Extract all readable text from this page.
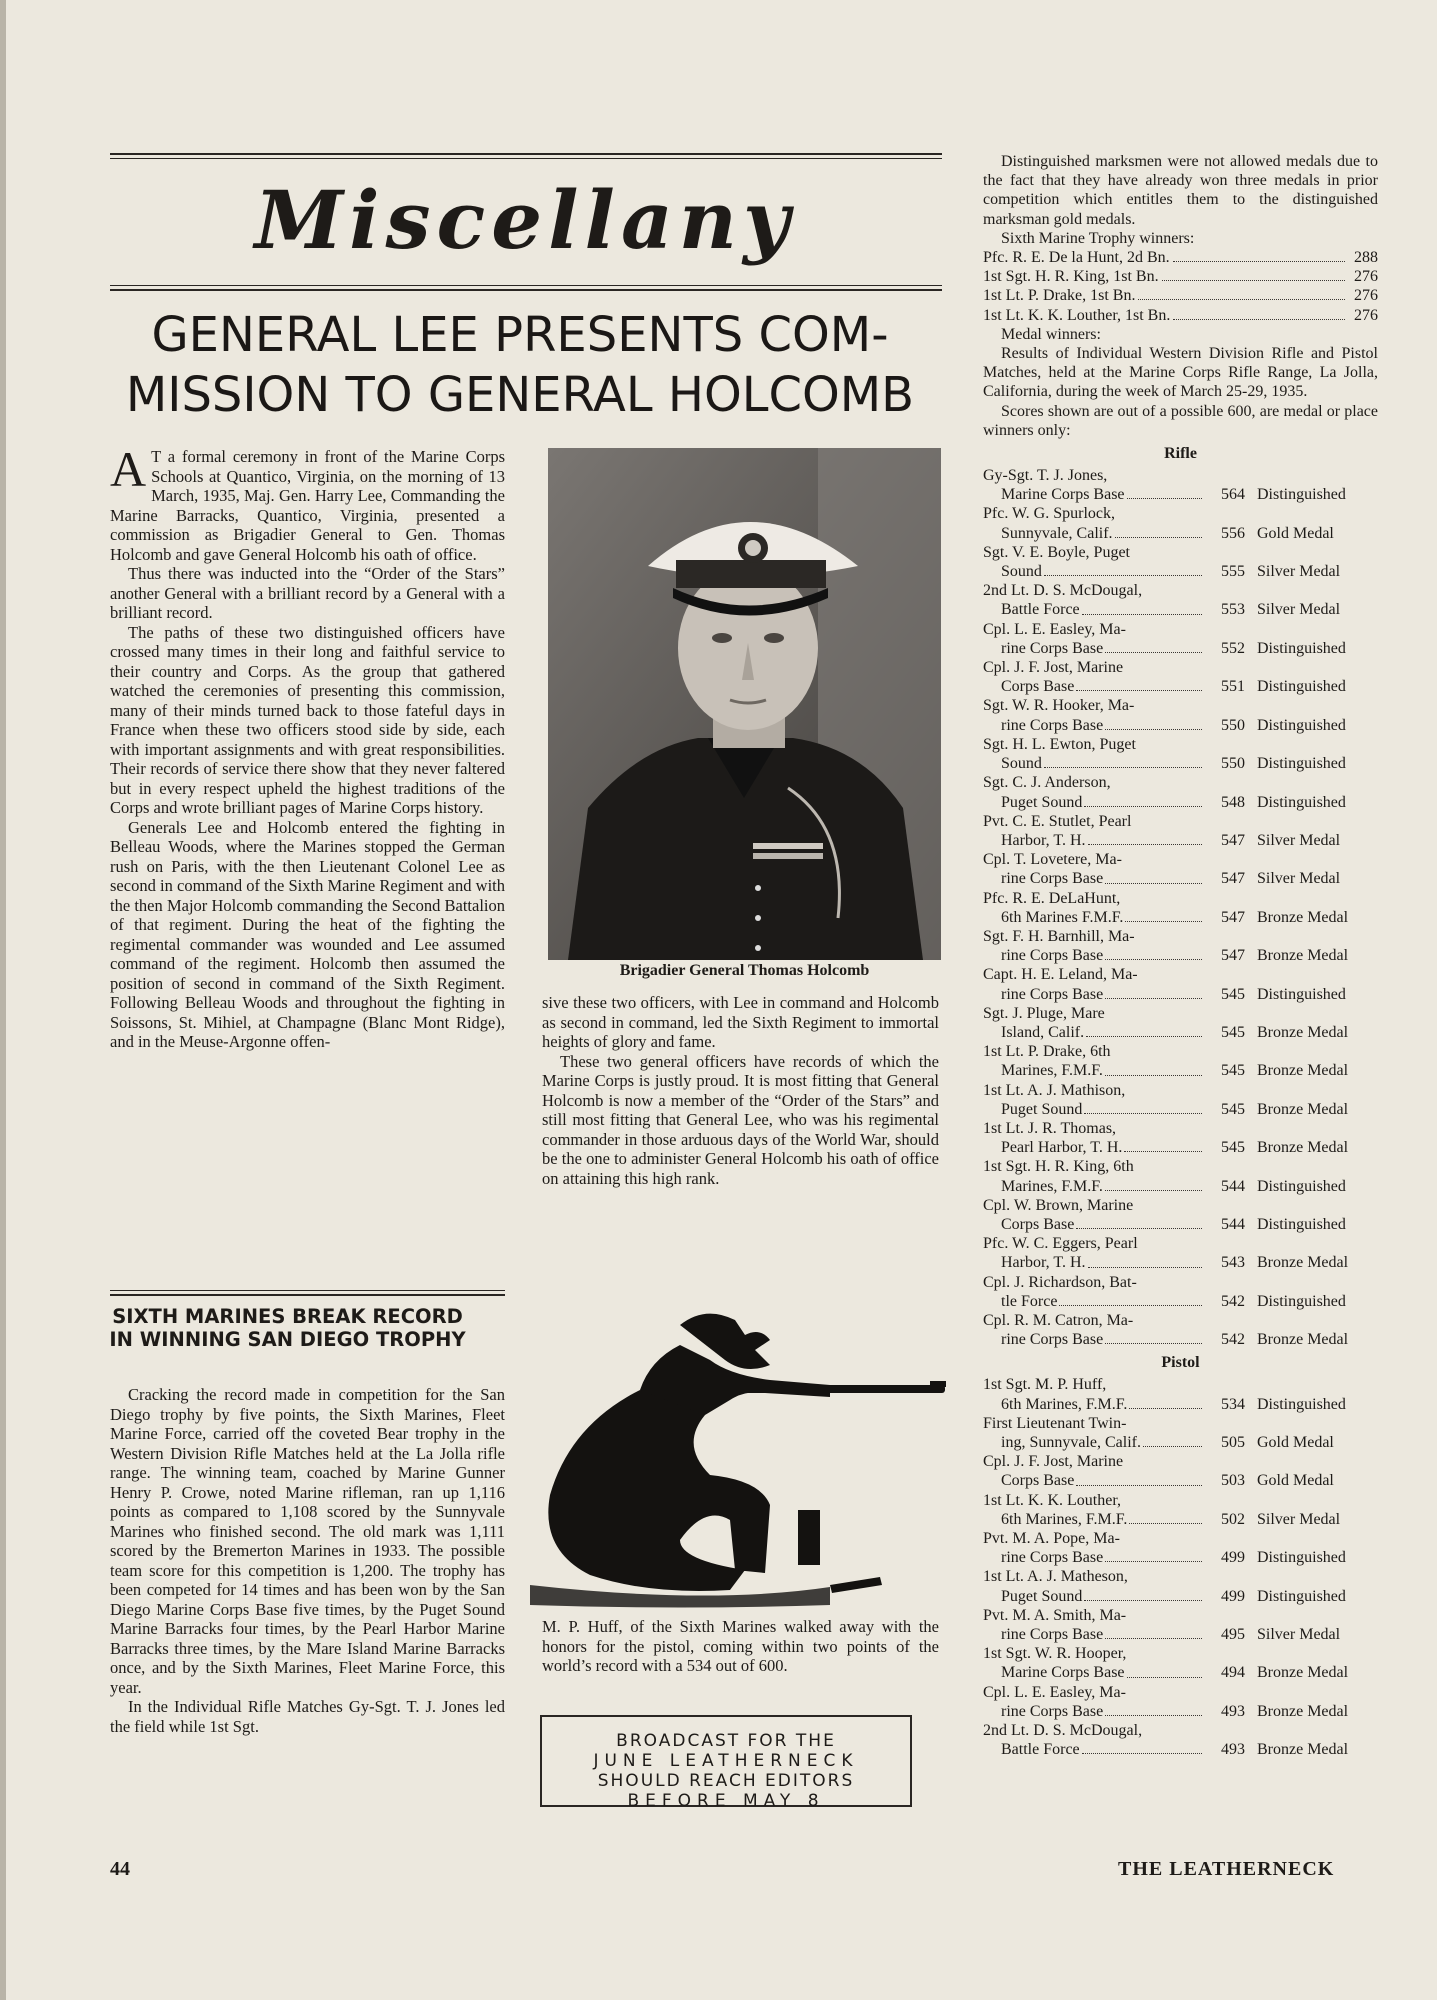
Miscellany
GENERAL LEE PRESENTS COM-
MISSION TO GENERAL HOLCOMB

A T a formal ceremony in front of the Marine Corps Schools at Quantico, Virginia, on the morning of 13 March, 1935, Maj. Gen. Harry Lee, Commanding the Marine Barracks, Quantico, Virginia, presented a commission as Brigadier General to Gen. Thomas Holcomb and gave General Holcomb his oath of office.

Thus there was inducted into the “Order of the Stars” another General with a brilliant record by a General with a brilliant record.

The paths of these two distinguished officers have crossed many times in their long and faithful service to their country and Corps. As the group that gathered watched the ceremonies of presenting this commission, many of their minds turned back to those fateful days in France when these two officers stood side by side, each with important assignments and with great responsibilities. Their records of service there show that they never faltered but in every respect upheld the highest traditions of the Corps and wrote brilliant pages of Marine Corps history.

Generals Lee and Holcomb entered the fighting in Belleau Woods, where the Marines stopped the German rush on Paris, with the then Lieutenant Colonel Lee as second in command of the Sixth Marine Regiment and with the then Major Holcomb commanding the Second Battalion of that regiment. During the heat of the fighting the regimental commander was wounded and Lee assumed command of the regiment. Holcomb then assumed the position of second in command of the Sixth Regiment. Following Belleau Woods and throughout the fighting in Soissons, St. Mihiel, at Champagne (Blanc Mont Ridge), and in the Meuse-Argonne offen-

Brigadier General Thomas Holcomb

sive these two officers, with Lee in command and Holcomb as second in command, led the Sixth Regiment to immortal heights of glory and fame.

These two general officers have records of which the Marine Corps is justly proud. It is most fitting that General Holcomb is now a member of the “Order of the Stars” and still most fitting that General Lee, who was his regimental commander in those arduous days of the World War, should be the one to administer General Holcomb his oath of office on attaining this high rank.

SIXTH MARINES BREAK RECORD IN WINNING SAN DIEGO TROPHY

Cracking the record made in competition for the San Diego trophy by five points, the Sixth Marines, Fleet Marine Force, carried off the coveted Bear trophy in the Western Division Rifle Matches held at the La Jolla rifle range. The winning team, coached by Marine Gunner Henry P. Crowe, noted Marine rifleman, ran up 1,116 points as compared to 1,108 scored by the Sunnyvale Marines who finished second. The old mark was 1,111 scored by the Bremerton Marines in 1933. The possible team score for this competition is 1,200. The trophy has been competed for 14 times and has been won by the San Diego Marine Corps Base five times, by the Puget Sound Marine Barracks four times, by the Pearl Harbor Marine Barracks three times, by the Mare Island Marine Barracks once, and by the Sixth Marines, Fleet Marine Force, this year.

In the Individual Rifle Matches Gy-Sgt. T. J. Jones led the field while 1st Sgt.

M. P. Huff, of the Sixth Marines walked away with the honors for the pistol, coming within two points of the world’s record with a 534 out of 600.

BROADCAST FOR THE
JUNE LEATHERNECK
SHOULD REACH EDITORS
BEFORE MAY 8

Distinguished marksmen were not allowed medals due to the fact that they have already won three medals in prior competition which entitles them to the distinguished marksman gold medals.

Sixth Marine Trophy winners:

Pfc. R. E. De la Hunt, 2d Bn.	288
1st Sgt. H. R. King, 1st Bn.	276
1st Lt. P. Drake, 1st Bn.	276
1st Lt. K. K. Louther, 1st Bn.	276

Medal winners:

Results of Individual Western Division Rifle and Pistol Matches, held at the Marine Corps Rifle Range, La Jolla, California, during the week of March 25-29, 1935.

Scores shown are out of a possible 600, are medal or place winners only:

Rifle
Gy-Sgt. T. J. Jones,
Marine Corps Base	564 Distinguished
Pfc. W. G. Spurlock,
Sunnyvale, Calif.	556 Gold Medal
Sgt. V. E. Boyle, Puget
Sound	555 Silver Medal
2nd Lt. D. S. McDougal,
Battle Force	553 Silver Medal
Cpl. L. E. Easley, Ma-
rine Corps Base	552 Distinguished
Cpl. J. F. Jost, Marine
Corps Base	551 Distinguished
Sgt. W. R. Hooker, Ma-
rine Corps Base	550 Distinguished
Sgt. H. L. Ewton, Puget
Sound	550 Distinguished
Sgt. C. J. Anderson,
Puget Sound	548 Distinguished
Pvt. C. E. Stutlet, Pearl
Harbor, T. H.	547 Silver Medal
Cpl. T. Lovetere, Ma-
rine Corps Base	547 Silver Medal
Pfc. R. E. DeLaHunt,
6th Marines F.M.F.	547 Bronze Medal
Sgt. F. H. Barnhill, Ma-
rine Corps Base	547 Bronze Medal
Capt. H. E. Leland, Ma-
rine Corps Base	545 Distinguished
Sgt. J. Pluge, Mare
Island, Calif.	545 Bronze Medal
1st Lt. P. Drake, 6th
Marines, F.M.F.	545 Bronze Medal
1st Lt. A. J. Mathison,
Puget Sound	545 Bronze Medal
1st Lt. J. R. Thomas,
Pearl Harbor, T. H.	545 Bronze Medal
1st Sgt. H. R. King, 6th
Marines, F.M.F.	544 Distinguished
Cpl. W. Brown, Marine
Corps Base	544 Distinguished
Pfc. W. C. Eggers, Pearl
Harbor, T. H.	543 Bronze Medal
Cpl. J. Richardson, Bat-
tle Force	542 Distinguished
Cpl. R. M. Catron, Ma-
rine Corps Base	542 Bronze Medal
Pistol
1st Sgt. M. P. Huff,
6th Marines, F.M.F.	534 Distinguished
First Lieutenant Twin-
ing, Sunnyvale, Calif.	505 Gold Medal
Cpl. J. F. Jost, Marine
Corps Base	503 Gold Medal
1st Lt. K. K. Louther,
6th Marines, F.M.F.	502 Silver Medal
Pvt. M. A. Pope, Ma-
rine Corps Base	499 Distinguished
1st Lt. A. J. Matheson,
Puget Sound	499 Distinguished
Pvt. M. A. Smith, Ma-
rine Corps Base	495 Silver Medal
1st Sgt. W. R. Hooper,
Marine Corps Base	494 Bronze Medal
Cpl. L. E. Easley, Ma-
rine Corps Base	493 Bronze Medal
2nd Lt. D. S. McDougal,
Battle Force	493 Bronze Medal
44	THE LEATHERNECK
